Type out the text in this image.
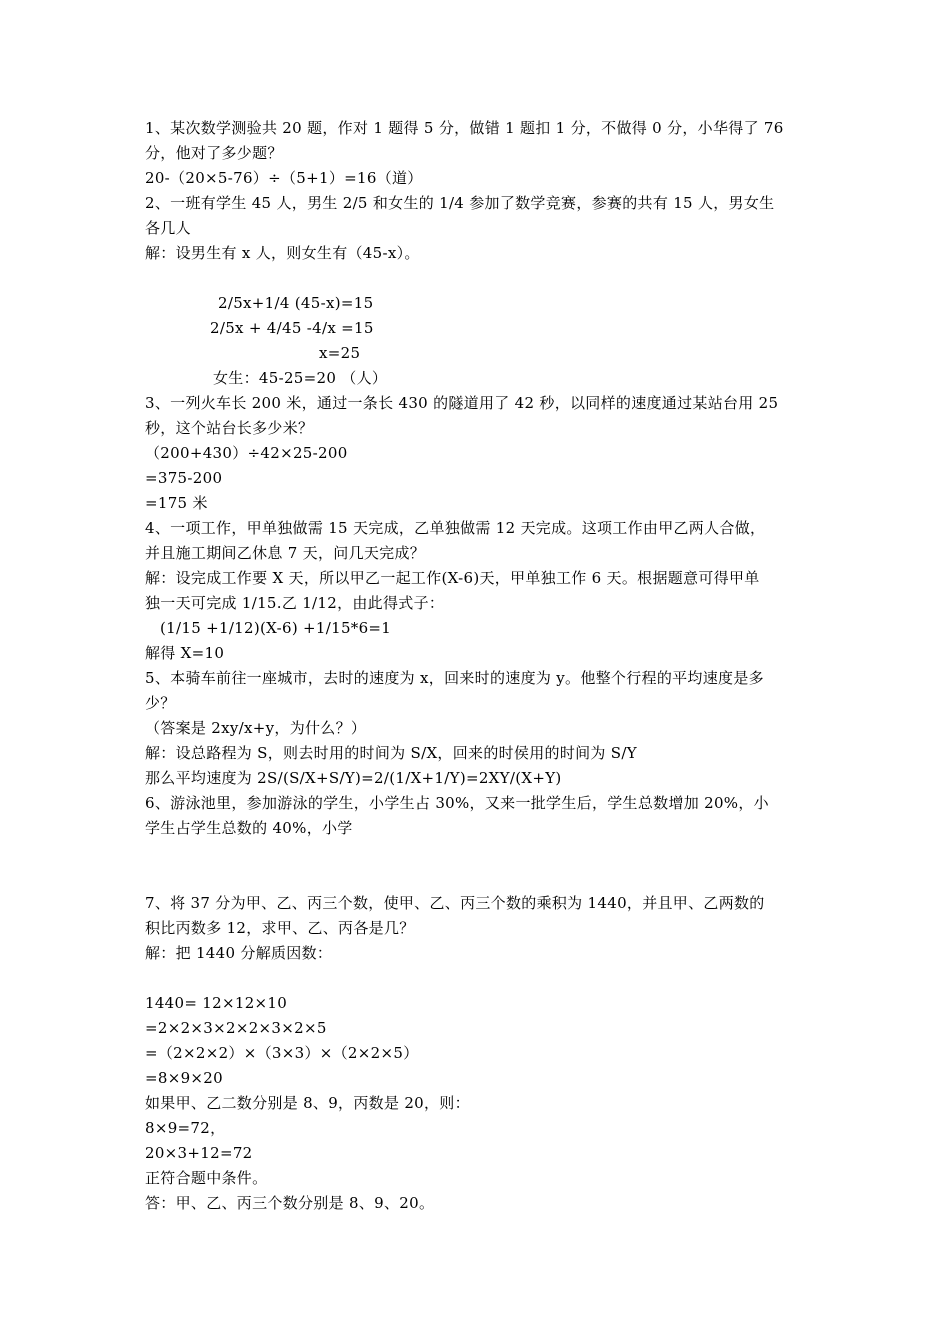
1、某次数学测验共 20 题，作对 1 题得 5 分，做错 1 题扣 1 分，不做得 0 分，小华得了 76
分，他对了多少题？
20-（20×5-76）÷（5+1）=16（道）
2、一班有学生 45 人，男生 2/5 和女生的 1/4 参加了数学竞赛，参赛的共有 15 人，男女生
各几人
解：设男生有 x 人，则女生有（45-x）。
2/5x+1/4 (45-x)=15
2/5x + 4/45 -4/x =15
x=25
女生：45-25=20 （人）
3、一列火车长 200 米，通过一条长 430 的隧道用了 42 秒，以同样的速度通过某站台用 25
秒，这个站台长多少米？
（200+430）÷42×25-200
=375-200
=175 米
4、一项工作，甲单独做需 15 天完成，乙单独做需 12 天完成。这项工作由甲乙两人合做，
并且施工期间乙休息 7 天，问几天完成？
解：设完成工作要 X 天，所以甲乙一起工作(X-6)天，甲单独工作 6 天。根据题意可得甲单
独一天可完成 1/15.乙 1/12，由此得式子：
(1/15 +1/12)(X-6) +1/15*6=1
解得 X=10
5、本骑车前往一座城市，去时的速度为 x，回来时的速度为 y。他整个行程的平均速度是多
少？
（答案是 2xy/x+y，为什么？）
解：设总路程为 S，则去时用的时间为 S/X，回来的时侯用的时间为 S/Y
那么平均速度为 2S/(S/X+S/Y)=2/(1/X+1/Y)=2XY/(X+Y)
6、游泳池里，参加游泳的学生，小学生占 30%，又来一批学生后，学生总数增加 20%，小
学生占学生总数的 40%，小学
7、将 37 分为甲、乙、丙三个数，使甲、乙、丙三个数的乘积为 1440，并且甲、乙两数的
积比丙数多 12，求甲、乙、丙各是几？
解：把 1440 分解质因数：
1440= 12×12×10
=2×2×3×2×2×3×2×5
=（2×2×2）×（3×3）×（2×2×5）
=8×9×20
如果甲、乙二数分别是 8、9，丙数是 20，则：
8×9=72，
20×3+12=72
正符合题中条件。
答：甲、乙、丙三个数分别是 8、9、20。
